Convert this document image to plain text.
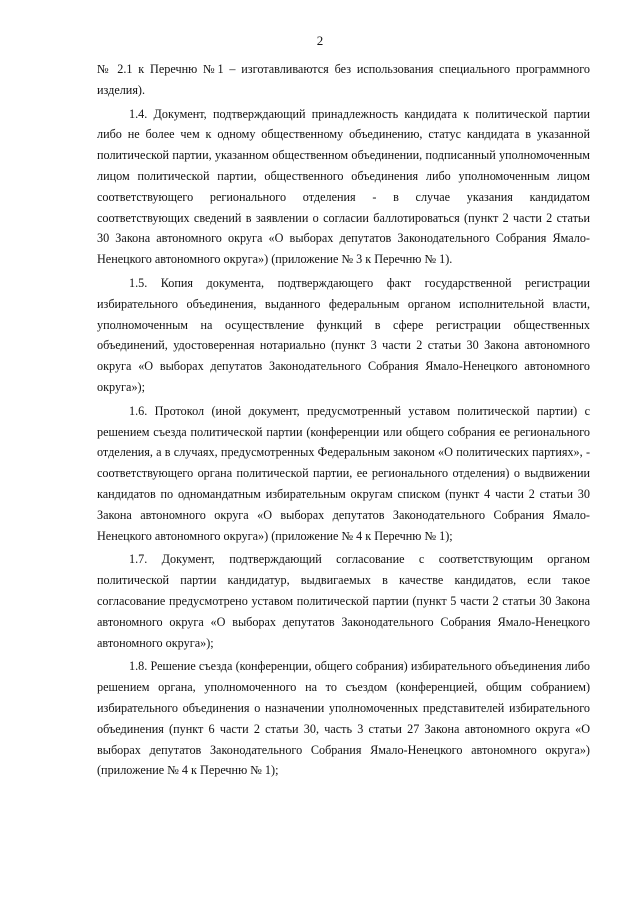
2

№ 2.1 к Перечню №1 – изготавливаются без использования специального программного изделия).

1.4. Документ, подтверждающий принадлежность кандидата к политической партии либо не более чем к одному общественному объединению, статус кандидата в указанной политической партии, указанном общественном объединении, подписанный уполномоченным лицом политической партии, общественного объединения либо уполномоченным лицом соответствующего регионального отделения - в случае указания кандидатом соответствующих сведений в заявлении о согласии баллотироваться (пункт 2 части 2 статьи 30 Закона автономного округа «О выборах депутатов Законодательного Собрания Ямало-Ненецкого автономного округа») (приложение № 3 к Перечню № 1).

1.5. Копия документа, подтверждающего факт государственной регистрации избирательного объединения, выданного федеральным органом исполнительной власти, уполномоченным на осуществление функций в сфере регистрации общественных объединений, удостоверенная нотариально (пункт 3 части 2 статьи 30 Закона автономного округа «О выборах депутатов Законодательного Собрания Ямало-Ненецкого автономного округа»);

1.6. Протокол (иной документ, предусмотренный уставом политической партии) с решением съезда политической партии (конференции или общего собрания ее регионального отделения, а в случаях, предусмотренных Федеральным законом «О политических партиях», - соответствующего органа политической партии, ее регионального отделения) о выдвижении кандидатов по одномандатным избирательным округам списком (пункт 4 части 2 статьи 30 Закона автономного округа «О выборах депутатов Законодательного Собрания Ямало-Ненецкого автономного округа») (приложение № 4 к Перечню № 1);

1.7. Документ, подтверждающий согласование с соответствующим органом политической партии кандидатур, выдвигаемых в качестве кандидатов, если такое согласование предусмотрено уставом политической партии (пункт 5 части 2 статьи 30 Закона автономного округа «О выборах депутатов Законодательного Собрания Ямало-Ненецкого автономного округа»);

1.8. Решение съезда (конференции, общего собрания) избирательного объединения либо решением органа, уполномоченного на то съездом (конференцией, общим собранием) избирательного объединения о назначении уполномоченных представителей избирательного объединения (пункт 6 части 2 статьи 30, часть 3 статьи 27 Закона автономного округа «О выборах депутатов Законодательного Собрания Ямало-Ненецкого автономного округа») (приложение № 4 к Перечню № 1);
